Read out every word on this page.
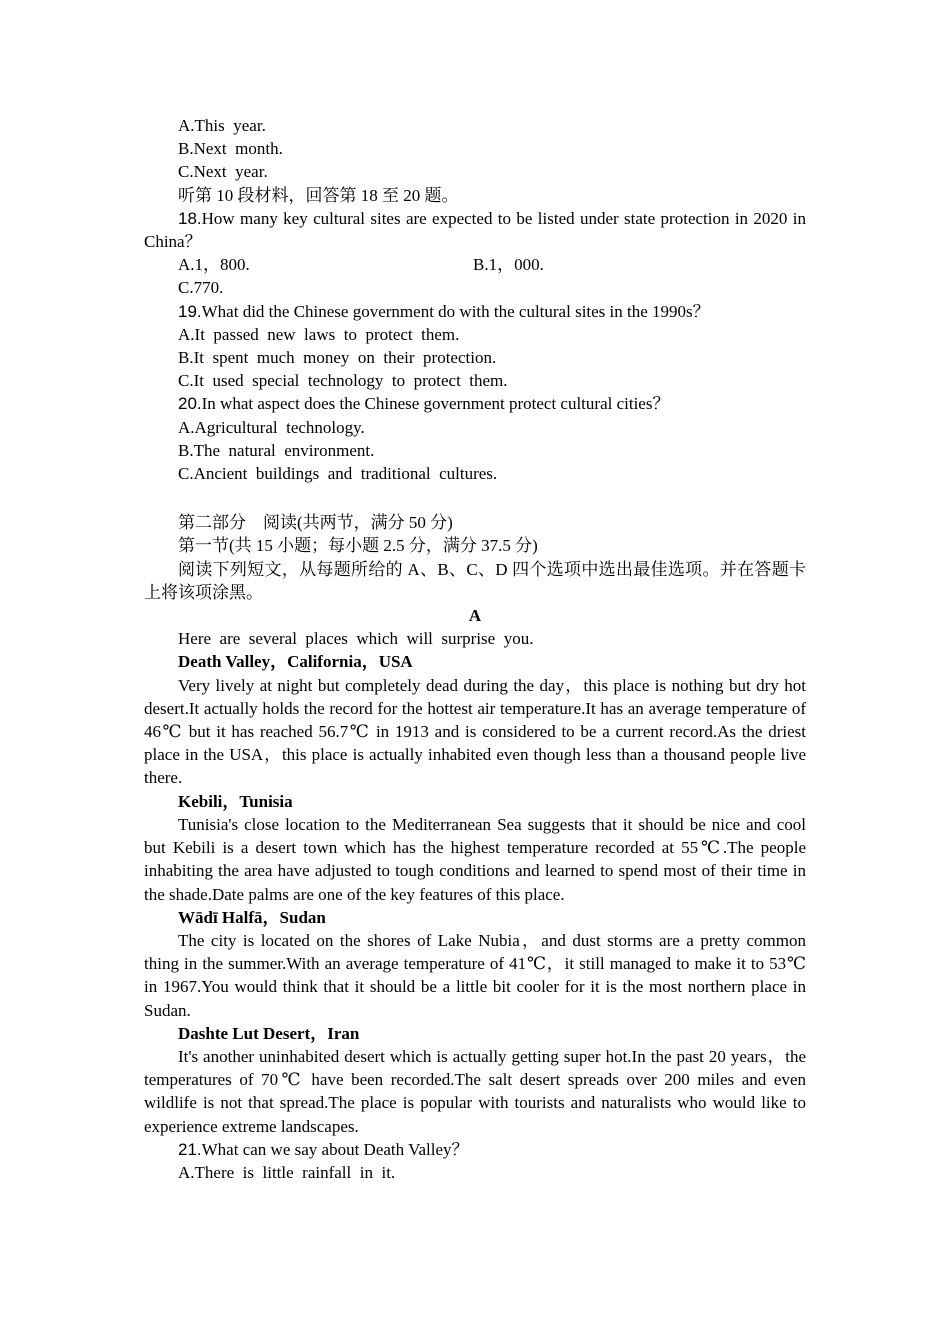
A.This  year.
B.Next  month.
C.Next  year.
听第 10 段材料，回答第 18 至 20 题。
18.How many key cultural sites are expected to be listed under state protection in 2020 in China？
A.1，800.	B.1，000.
C.770.
19.What did the Chinese government do with the cultural sites in the 1990s？
A.It  passed  new  laws  to  protect  them.
B.It  spent  much  money  on  their  protection.
C.It  used  special  technology  to  protect  them.
20.In what aspect does the Chinese government protect cultural cities？
A.Agricultural  technology.
B.The  natural  environment.
C.Ancient  buildings  and  traditional  cultures.
第二部分　阅读(共两节，满分 50 分)
第一节(共 15 小题；每小题 2.5 分，满分 37.5 分)
阅读下列短文，从每题所给的 A、B、C、D 四个选项中选出最佳选项。并在答题卡上将该项涂黑。
A
Here  are  several  places  which  will  surprise  you.
Death Valley，California，USA
Very lively at night but completely dead during the day，this place is nothing but dry hot desert.It actually holds the record for the hottest air temperature.It has an average temperature of 46℃ but it has reached 56.7℃ in 1913 and is considered to be a current record.As the driest place in the USA，this place is actually inhabited even though less than a thousand people live there.
Kebili，Tunisia
Tunisia's close location to the Mediterranean Sea suggests that it should be nice and cool but Kebili is a desert town which has the highest temperature recorded at 55℃.The people inhabiting the area have adjusted to tough conditions and learned to spend most of their time in the shade.Date palms are one of the key features of this place.
Wādī Halfā，Sudan
The city is located on the shores of Lake Nubia，and dust storms are a pretty common thing in the summer.With an average temperature of 41℃，it still managed to make it to 53℃ in 1967.You would think that it should be a little bit cooler for it is the most northern place in Sudan.
Dashte Lut Desert，Iran
It's another uninhabited desert which is actually getting super hot.In the past 20 years，the temperatures of 70℃ have been recorded.The salt desert spreads over 200 miles and even wildlife is not that spread.The place is popular with tourists and naturalists who would like to experience extreme landscapes.
21.What can we say about Death Valley？
A.There  is  little  rainfall  in  it.
